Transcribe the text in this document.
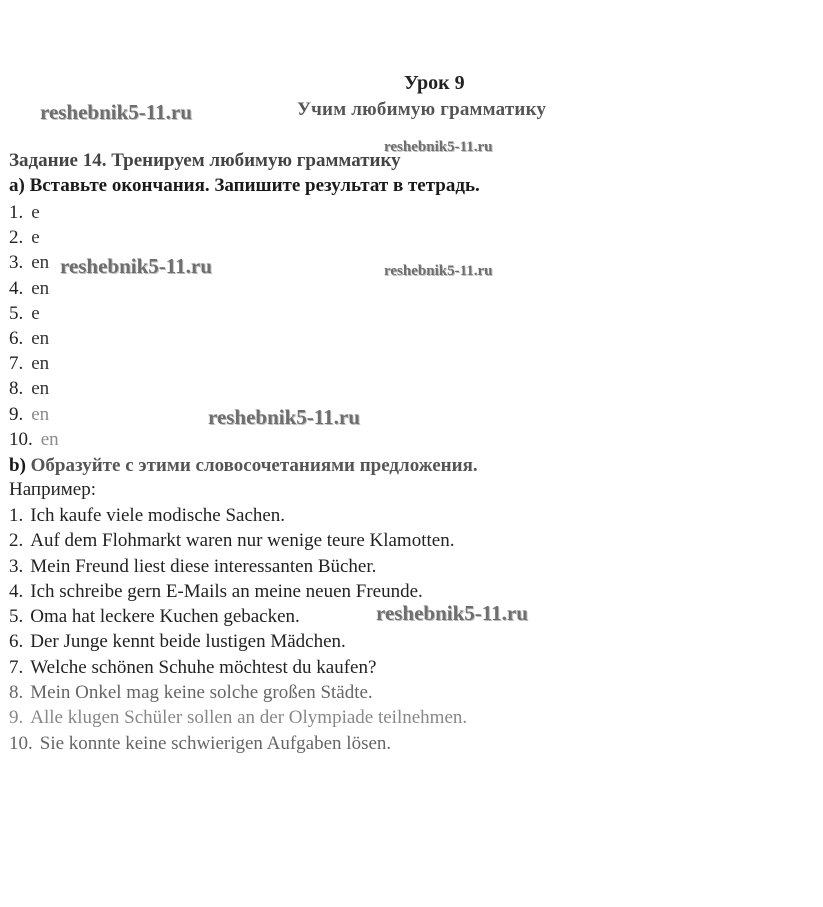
Урок 9
Учим любимую грамматику
Задание 14. Тренируем любимую грамматику
а) Вставьте окончания. Запишите результат в тетрадь.
1. e
2. e
3. en
4. en
5. e
6. en
7. en
8. en
9. en
10. en
b) Образуйте с этими словосочетаниями предложения.
Например:
1. Ich kaufe viele modische Sachen.
2. Auf dem Flohmarkt waren nur wenige teure Klamotten.
3. Mein Freund liest diese interessanten Bücher.
4. Ich schreibe gern E-Mails an meine neuen Freunde.
5. Oma hat leckere Kuchen gebacken.
6. Der Junge kennt beide lustigen Mädchen.
7. Welche schönen Schuhe möchtest du kaufen?
8. Mein Onkel mag keine solche großen Städte.
9. Alle klugen Schüler sollen an der Olympiade teilnehmen.
10. Sie konnte keine schwierigen Aufgaben lösen.
reshebnik5-11.ru
reshebnik5-11.ru
reshebnik5-11.ru	reshebnik5-11.ru
reshebnik5-11.ru
reshebnik5-11.ru
